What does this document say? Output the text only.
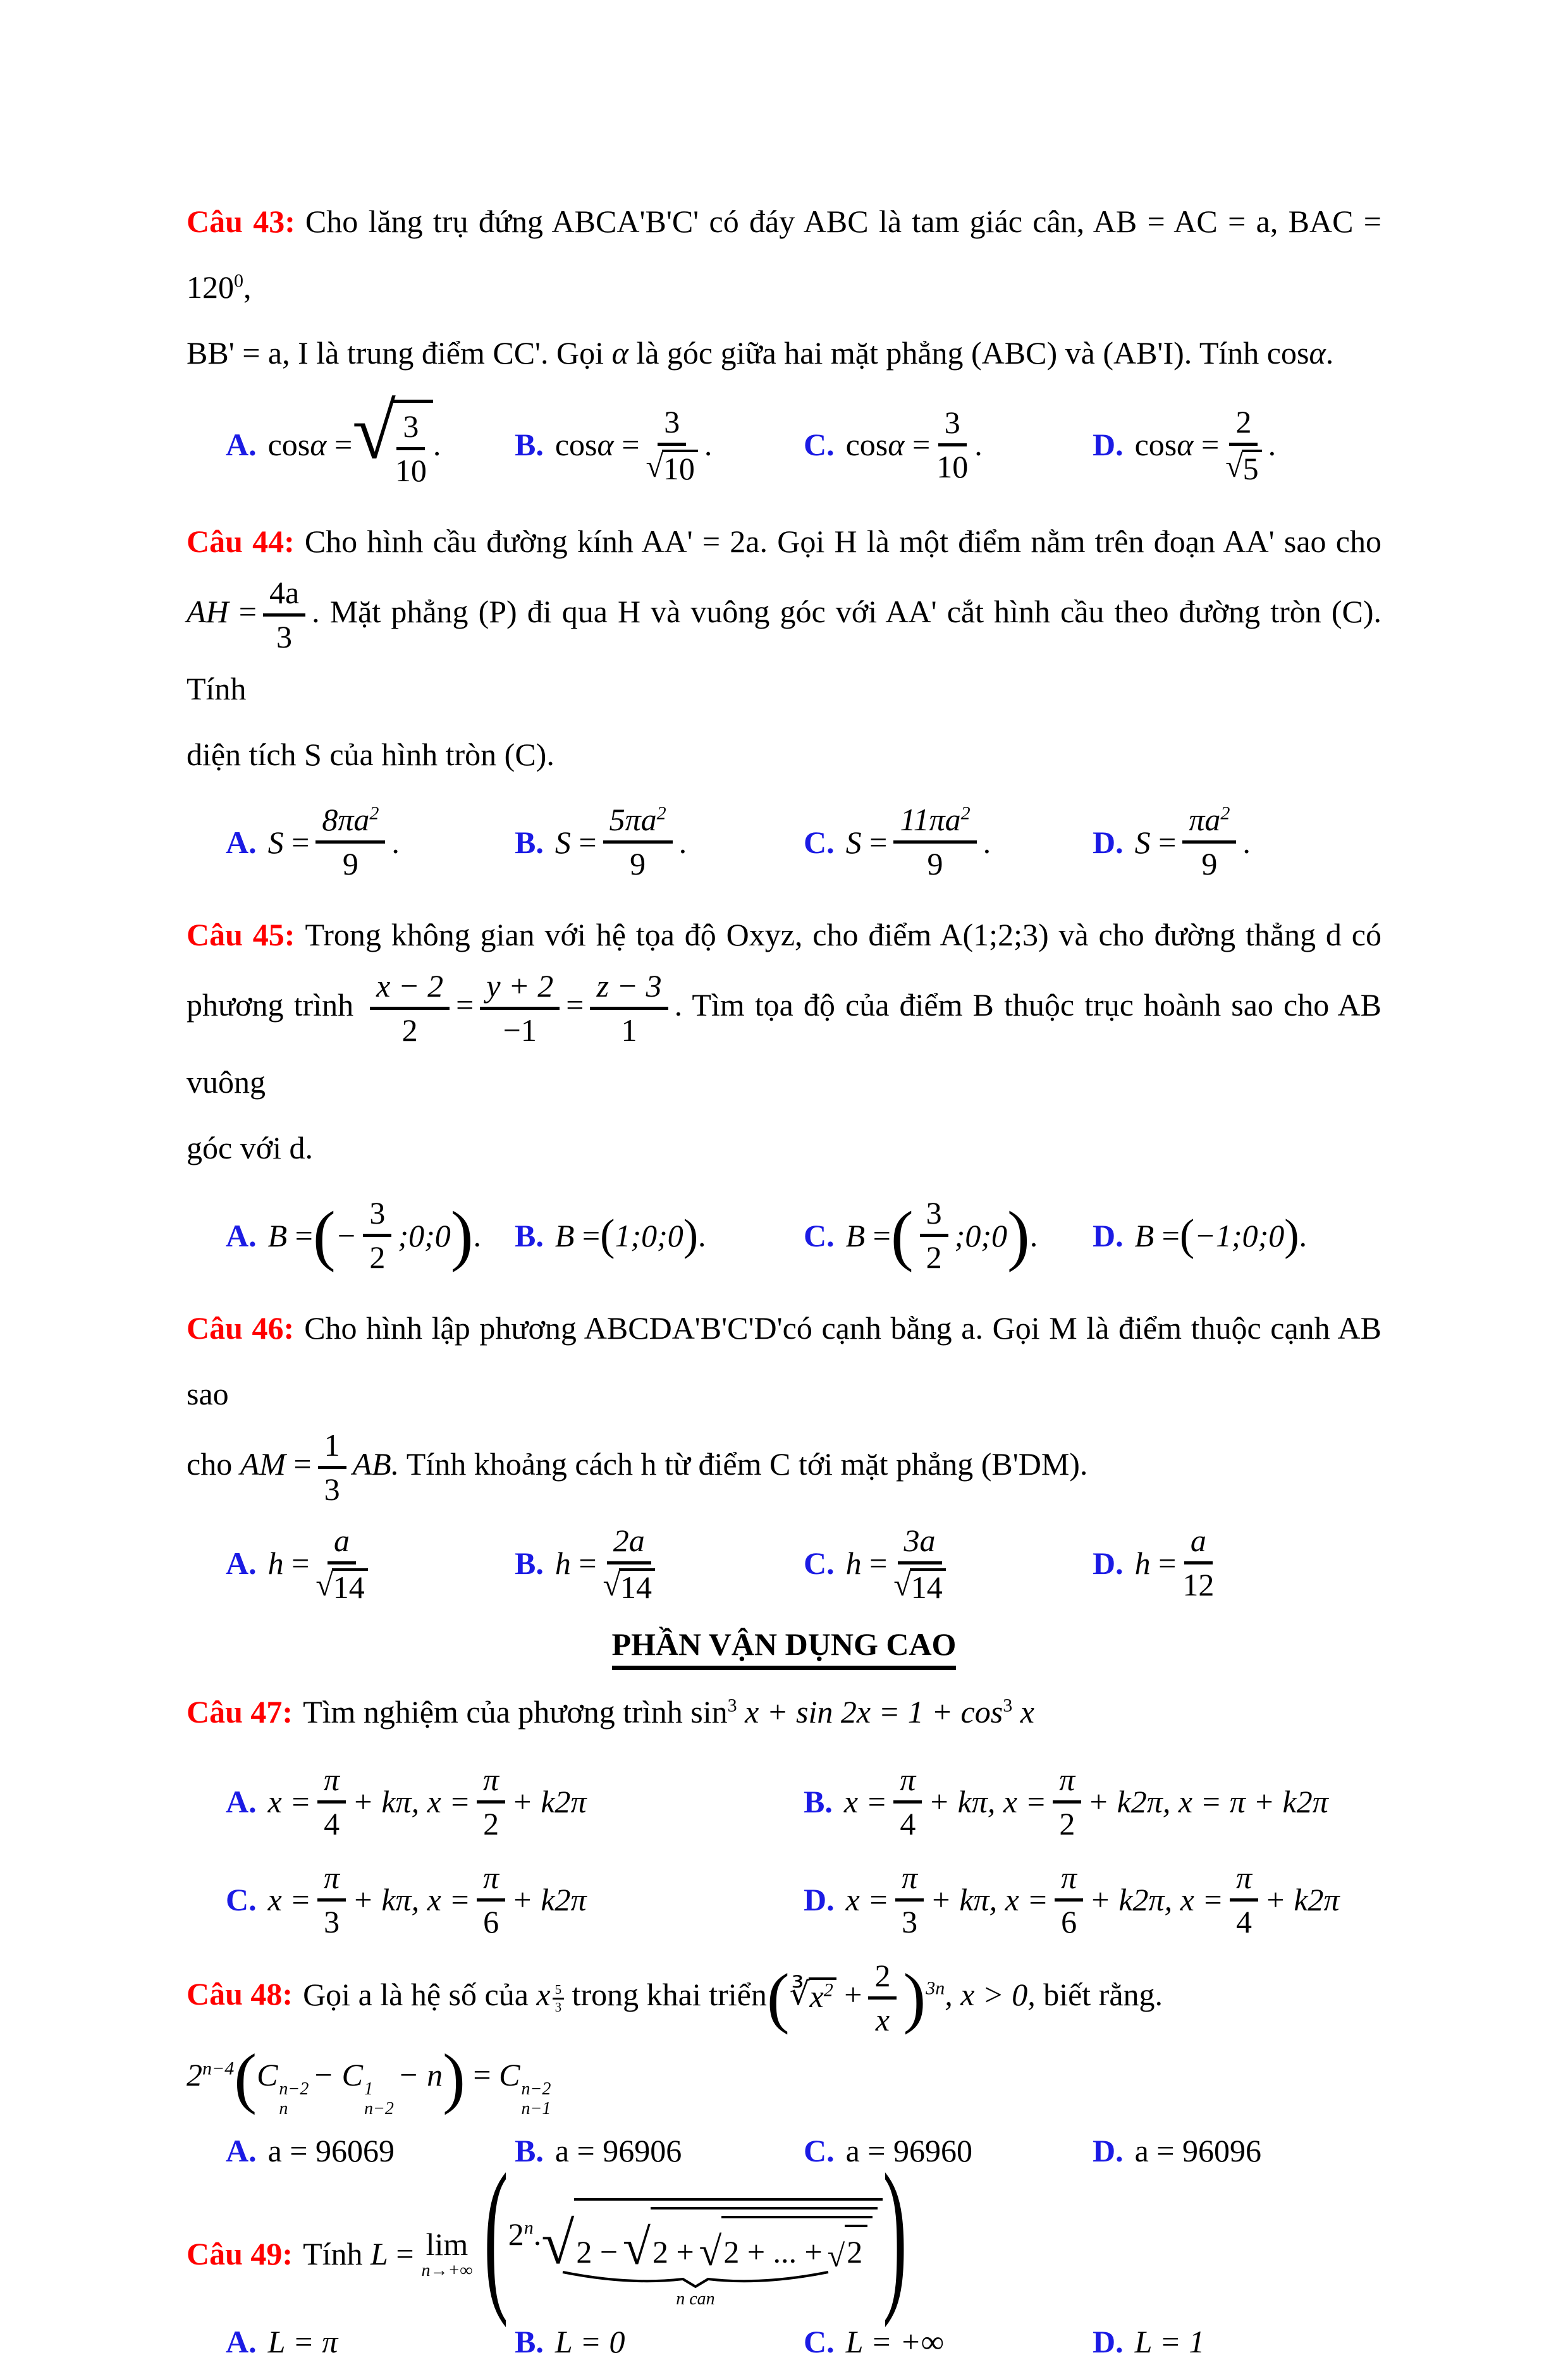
Câu 43: Cho lăng trụ đứng ABCA'B'C' có đáy ABC là tam giác cân, AB = AC = a, BAC = $120^0$,
BB' = a, I là trung điểm CC'. Gọi α là góc giữa hai mặt phẳng (ABC) và (AB'I). Tính cosα.
A. cos α
= √ $\frac{3}{10}$ . B. cos α
= $\frac{3}{√ 10}$ .	C. cos α
= $\frac{3}{10}$ .	D. cos α
= $\frac{2}{√ 5}$ .
Câu 44: Cho hình cầu đường kính AA' = 2a. Gọi H là một điểm nằm trên đoạn AA' sao cho
AH = $\frac{4a}{3}$ . Mặt phẳng (P) đi qua H và vuông góc với AA' cắt hình cầu theo đường tròn (C). Tính
diện tích S của hình tròn (C).
A. S
= $\frac{8\pi a^2}{9}$ .	B. S
= $\frac{5\pi a^2}{9}$ .	C. S
= $\frac{11\pi a^2}{9}$ .	D. S
= $\frac{\pi a^2}{9}$ .
Câu 45: Trong không gian với hệ tọa độ Oxyz, cho điểm A(1;2;3) và cho đường thẳng d có
phương trình $\frac{x - 2}{2} = \frac{y + 2}{-1} = \frac{z - 3}{1}$ . Tìm tọa độ của điểm B thuộc trục hoành sao cho AB vuông
góc với d.
A. B
= ( − $\frac{3}{2}$ ;0;0 ) . B. B
= ( 1;0;0 ) .	C. B
= ( $\frac{3}{2}$ ;0;0 ) . D. B
= ( −1;0;0 ) .
Câu 46: Cho hình lập phương ABCDA'B'C'D'có cạnh bằng a. Gọi M là điểm thuộc cạnh AB sao
cho AM = $\frac{1}{3}$ AB. Tính khoảng cách h từ điểm C tới mặt phẳng (B'DM).
A. h
= $\frac{a}{√ 14}$	B. h
= $\frac{2a}{√ 14}$	C. h
= $\frac{3a}{√ 14}$	D. h
= $\frac{a}{12}$
PHẦN VẬN DỤNG CAO
Câu 47: Tìm nghiệm của phương trình $\sin^3 x + \sin 2x = 1 + \cos^3 x$
A. $x = \frac{\pi}{4} + k\pi$, $x = \frac{\pi}{2} + k2\pi$	B. $x = \frac{\pi}{4} + k\pi$, $x = \frac{\pi}{2} + k2\pi$, x = π + k2π
C. $x = \frac{\pi}{3} + k\pi$, $x = \frac{\pi}{6} + k2\pi$	D. $x = \frac{\pi}{3} + k\pi$, $x = \frac{\pi}{6} + k2\pi$, $x = \frac{\pi}{4} + k2\pi$
Câu 48: Gọi a là hệ số của x $\frac{5}{3}$ trong khai triển( ∛ $x^2 + \frac{2}{x} )^{3n}$, x > 0, biết rằng.
$2^{n-4}(C$ n−2
n
− C 1
n−2
− n) = C n−2
n−1
A. a = 96069	B. a = 96906	C. a = 96960	D. a = 96096
Câu 49: Tính
L
= lim
n→+∞ ( 2$^n$. √ 2 − √ 2 + √ 2 + ... + √ 2 )
n can
A. L = π	B. L = 0	C. L = +∞	D. L = 1
